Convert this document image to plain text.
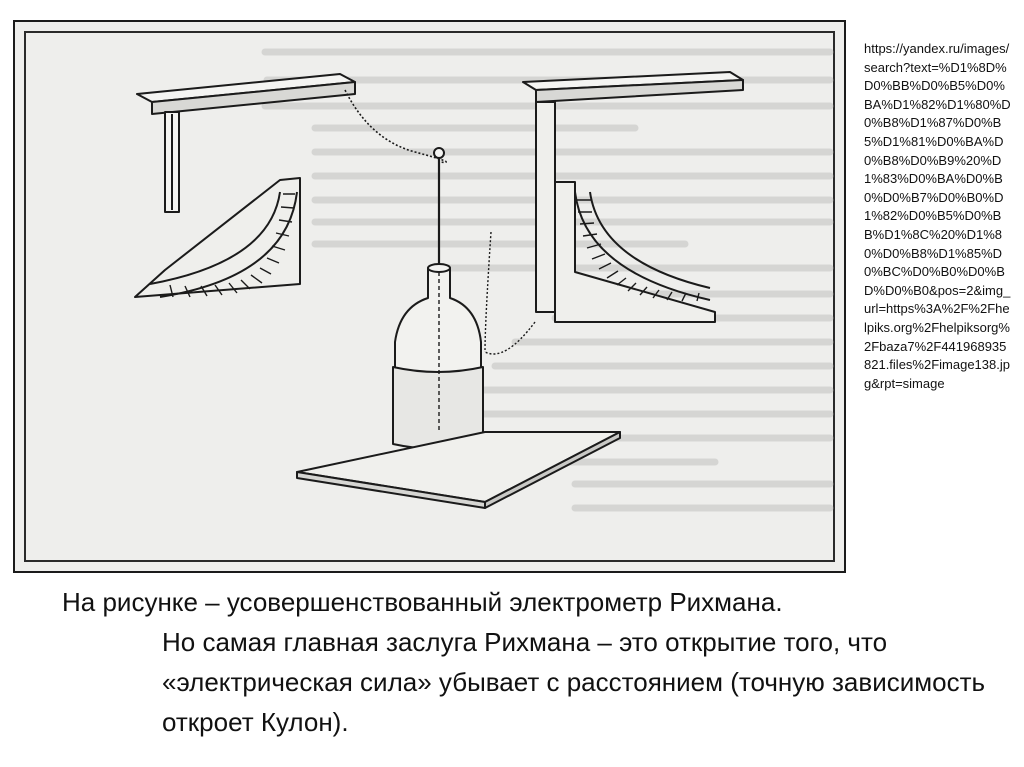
https://yandex.ru/images/search?text=%D1%8D%D0%BB%D0%B5%D0%BA%D1%82%D1%80%D0%B8%D1%87%D0%B5%D1%81%D0%BA%D0%B8%D0%B9%20%D1%83%D0%BA%D0%B0%D0%B7%D0%B0%D1%82%D0%B5%D0%BB%D1%8C%20%D1%80%D0%B8%D1%85%D0%BC%D0%B0%D0%BD%D0%B0&pos=2&img_url=https%3A%2F%2Fhelpiks.org%2Fhelpiksorg%2Fbaza7%2F441968935821.files%2Fimage138.jpg&rpt=simage

На рисунке – усовершенствованный электрометр Рихмана.

Но самая главная заслуга Рихмана – это открытие того, что «электрическая сила» убывает с расстоянием (точную зависимость откроет Кулон).
